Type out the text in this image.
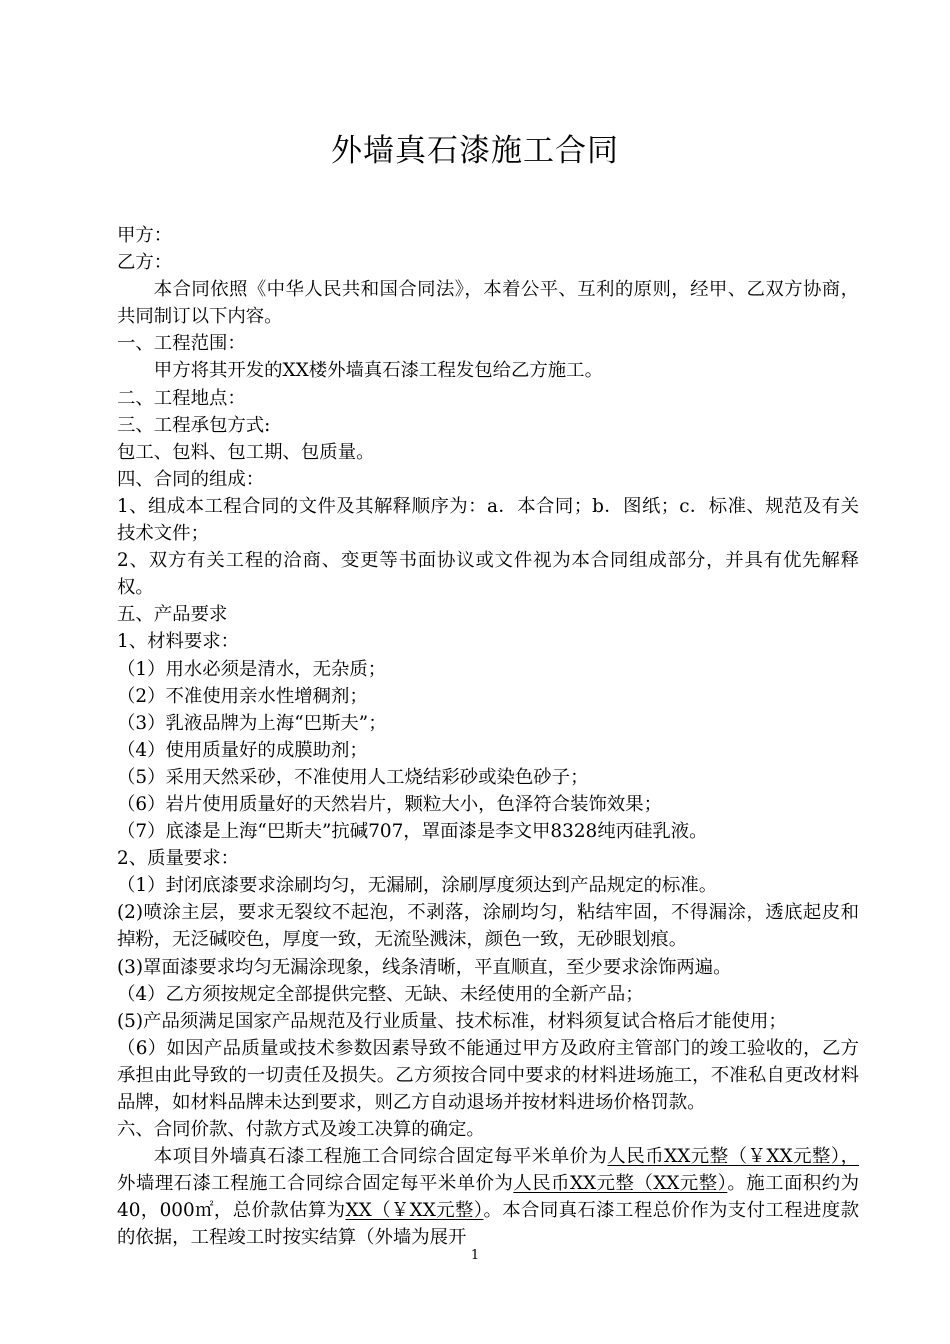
外墙真石漆施工合同

甲方：

乙方：

本合同依照《中华人民共和国合同法》，本着公平、互利的原则，经甲、乙双方协商，共同制订以下内容。

一、工程范围：

甲方将其开发的XX楼外墙真石漆工程发包给乙方施工。

二、工程地点：

三、工程承包方式:

包工、包料、包工期、包质量。

四、合同的组成：

1、组成本工程合同的文件及其解释顺序为：a．本合同；b．图纸；c．标准、规范及有关技术文件；

2、双方有关工程的洽商、变更等书面协议或文件视为本合同组成部分，并具有优先解释权。

五、产品要求

1、材料要求：

（1）用水必须是清水，无杂质；

（2）不准使用亲水性增稠剂；

（3）乳液品牌为上海“巴斯夫”；

（4）使用质量好的成膜助剂；

（5）采用天然采砂，不准使用人工烧结彩砂或染色砂子；

（6）岩片使用质量好的天然岩片，颗粒大小，色泽符合装饰效果；

（7）底漆是上海“巴斯夫”抗碱707，罩面漆是李文甲8328纯丙硅乳液。

2、质量要求：

（1）封闭底漆要求涂刷均匀，无漏刷，涂刷厚度须达到产品规定的标准。

(2)喷涂主层，要求无裂纹不起泡，不剥落，涂刷均匀，粘结牢固，不得漏涂，透底起皮和掉粉，无泛碱咬色，厚度一致，无流坠溅沫，颜色一致，无砂眼划痕。

(3)罩面漆要求均匀无漏涂现象，线条清晰，平直顺直，至少要求涂饰两遍。

（4）乙方须按规定全部提供完整、无缺、未经使用的全新产品；

(5)产品须满足国家产品规范及行业质量、技术标准，材料须复试合格后才能使用；

（6）如因产品质量或技术参数因素导致不能通过甲方及政府主管部门的竣工验收的，乙方承担由此导致的一切责任及损失。乙方须按合同中要求的材料进场施工，不准私自更改材料品牌，如材料品牌未达到要求，则乙方自动退场并按材料进场价格罚款。

六、合同价款、付款方式及竣工决算的确定。

本项目外墙真石漆工程施工合同综合固定每平米单价为人民币XX元整（￥XX元整），外墙理石漆工程施工合同综合固定每平米单价为人民币XX元整（XX元整）。施工面积约为40，000㎡，总价款估算为XX（￥XX元整）。本合同真石漆工程总价作为支付工程进度款的依据，工程竣工时按实结算（外墙为展开

1
